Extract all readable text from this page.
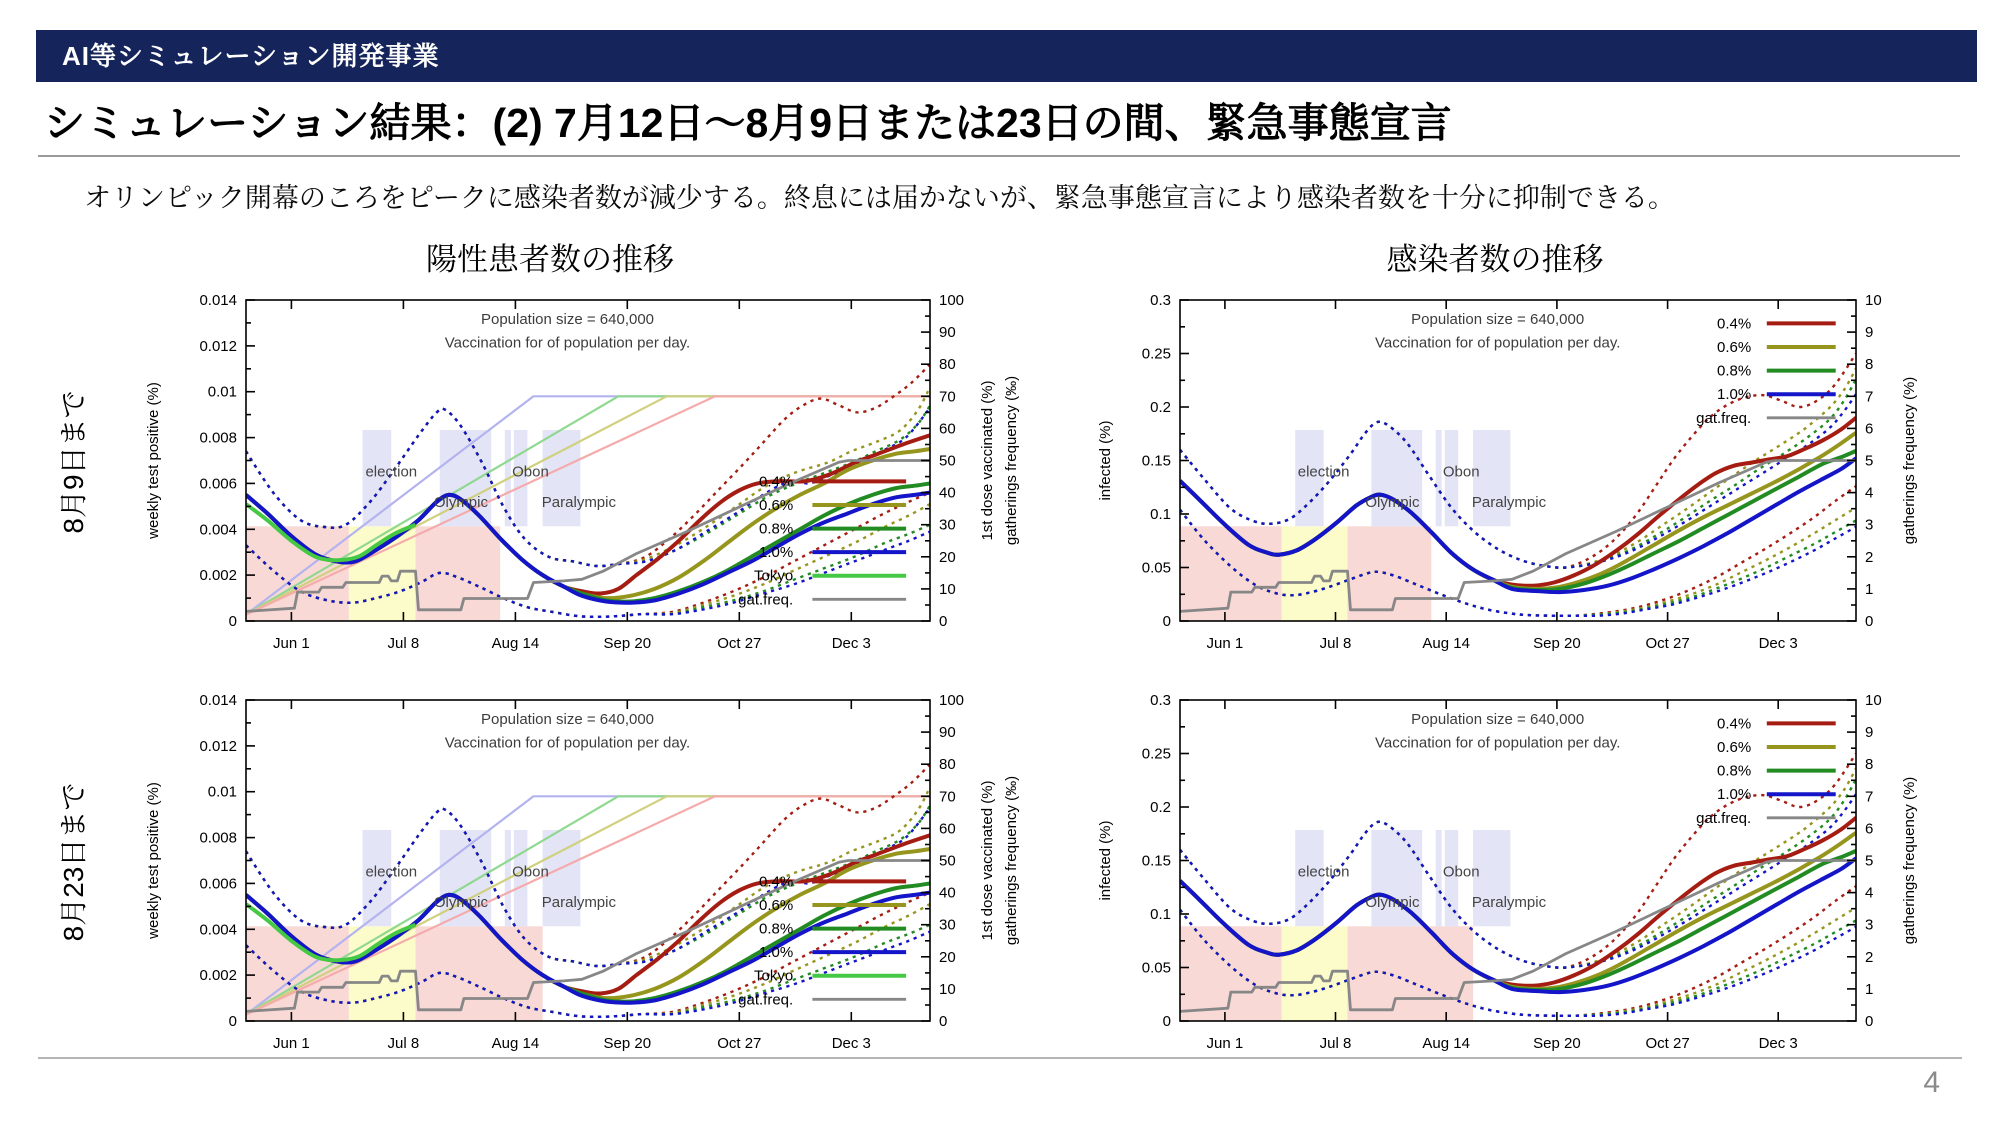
Jun 1	Jul 8	Aug 14	Sep 20	Oct 27	Dec 3
0
0.002
0.004
0.006
0.008
0.01
0.012
0.014
0
10
20
30
40
50
60
70
80
90
100
Population size = 640,000
Vaccination for of population per day.
election
Olympic
Obon
Paralympic
0.4%
0.6%
0.8%
1.0%
Tokyo
gat.freq.
weekly test positive (%)	1st dose vaccinated (%) gatherings frequency (‰)
Jun 1	Jul 8	Aug 14	Sep 20	Oct 27	Dec 3
0
0.05
0.1
0.15
0.2
0.25
0.3
0
1
2
3
4
5
6
7
8
9
10
Population size = 640,000
Vaccination for of population per day.
election
Olympic
Obon
Paralympic
0.4%
0.6%
0.8%
1.0%
gat.freq.
infected (%)	gatherings frequency (%)
Jun 1	Jul 8	Aug 14	Sep 20	Oct 27	Dec 3
0
0.002
0.004
0.006
0.008
0.01
0.012
0.014
0
10
20
30
40
50
60
70
80
90
100
Population size = 640,000
Vaccination for of population per day.
election
Olympic
Obon
Paralympic
0.4%
0.6%
0.8%
1.0%
Tokyo
gat.freq.
weekly test positive (%)	1st dose vaccinated (%) gatherings frequency (‰)
Jun 1	Jul 8	Aug 14	Sep 20	Oct 27	Dec 3
0
0.05
0.1
0.15
0.2
0.25
0.3
0
1
2
3
4
5
6
7
8
9
10
Population size = 640,000
Vaccination for of population per day.
election
Olympic
Obon
Paralympic
0.4%
0.6%
0.8%
1.0%
gat.freq.
infected (%)	gatherings frequency (%)
AI等シミュレーション開発事業
シミュレーション結果：(2) 7月12日〜8月9日または23日の間、緊急事態宣言
オリンピック開幕のころをピークに感染者数が減少する。終息には届かないが、緊急事態宣言により感染者数を十分に抑制できる。
陽性患者数の推移	感染者数の推移
8月9日まで
8月23日まで
4
